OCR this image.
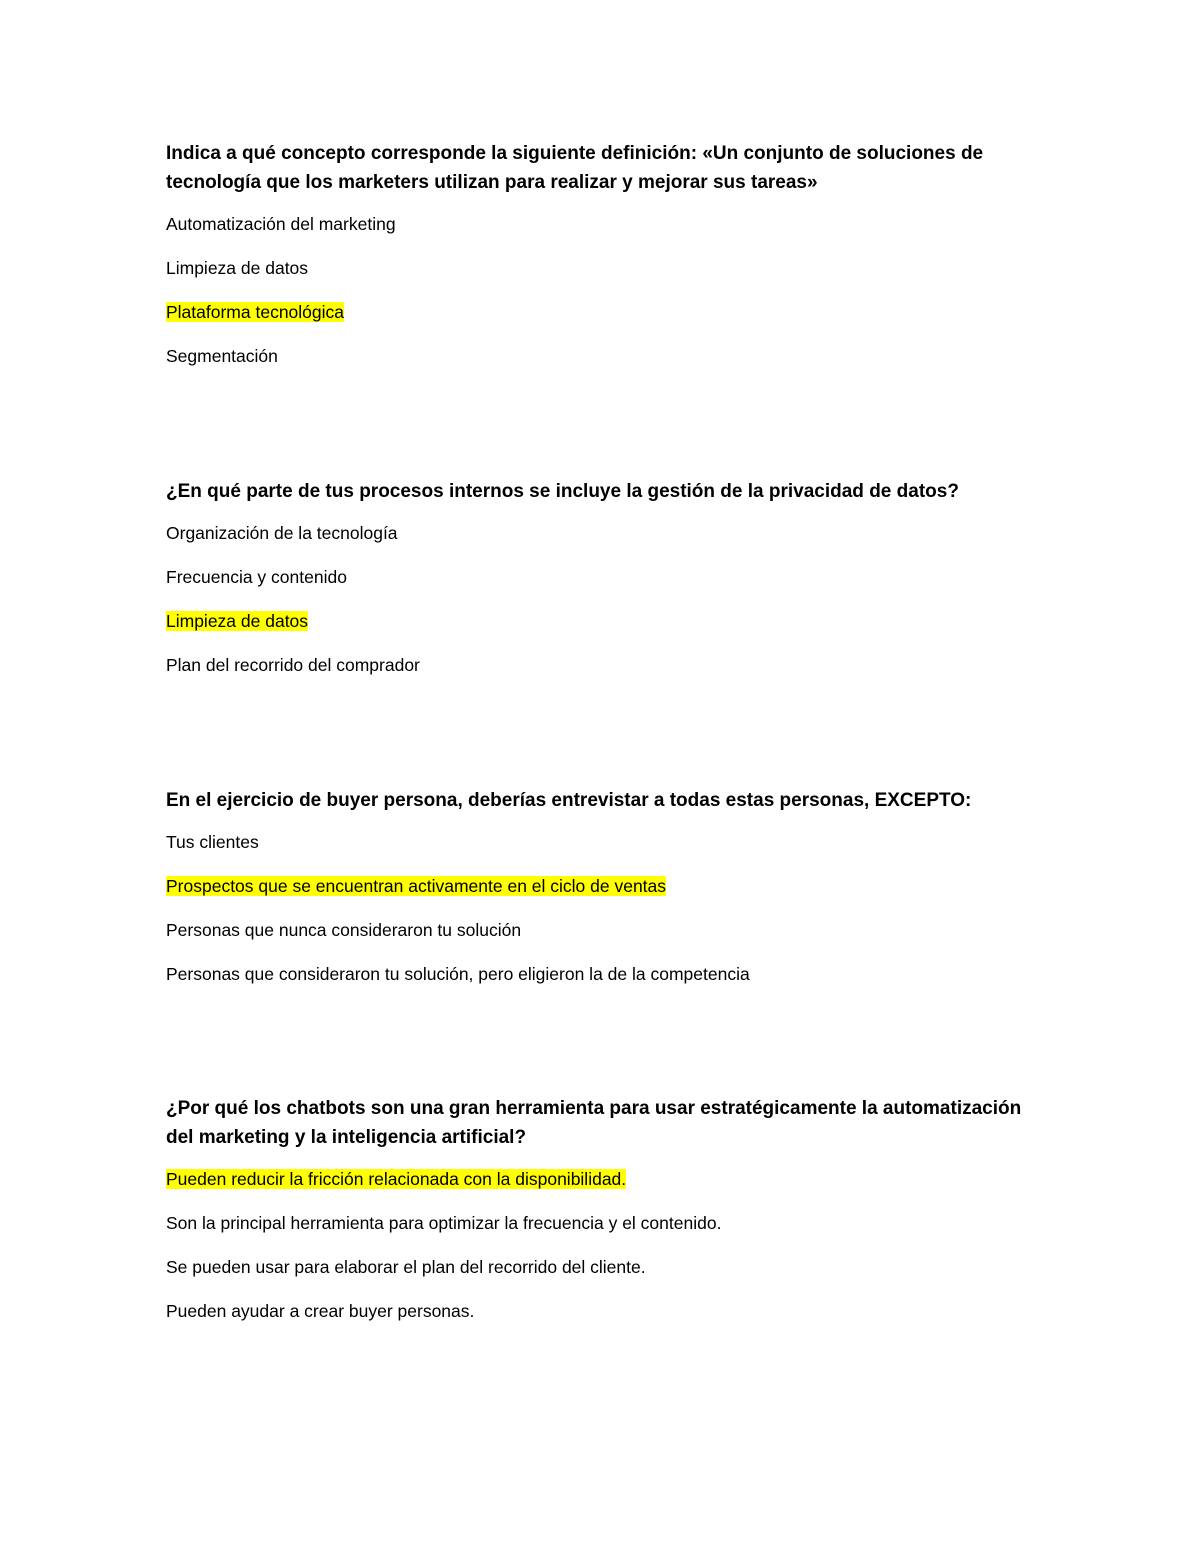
Indica a qué concepto corresponde la siguiente definición: «Un conjunto de soluciones de tecnología que los marketers utilizan para realizar y mejorar sus tareas»

Automatización del marketing
Limpieza de datos
Plataforma tecnológica
Segmentación

¿En qué parte de tus procesos internos se incluye la gestión de la privacidad de datos?

Organización de la tecnología
Frecuencia y contenido
Limpieza de datos
Plan del recorrido del comprador

En el ejercicio de buyer persona, deberías entrevistar a todas estas personas, EXCEPTO:

Tus clientes
Prospectos que se encuentran activamente en el ciclo de ventas
Personas que nunca consideraron tu solución
Personas que consideraron tu solución, pero eligieron la de la competencia

¿Por qué los chatbots son una gran herramienta para usar estratégicamente la automatización del marketing y la inteligencia artificial?

Pueden reducir la fricción relacionada con la disponibilidad.
Son la principal herramienta para optimizar la frecuencia y el contenido.
Se pueden usar para elaborar el plan del recorrido del cliente.
Pueden ayudar a crear buyer personas.
